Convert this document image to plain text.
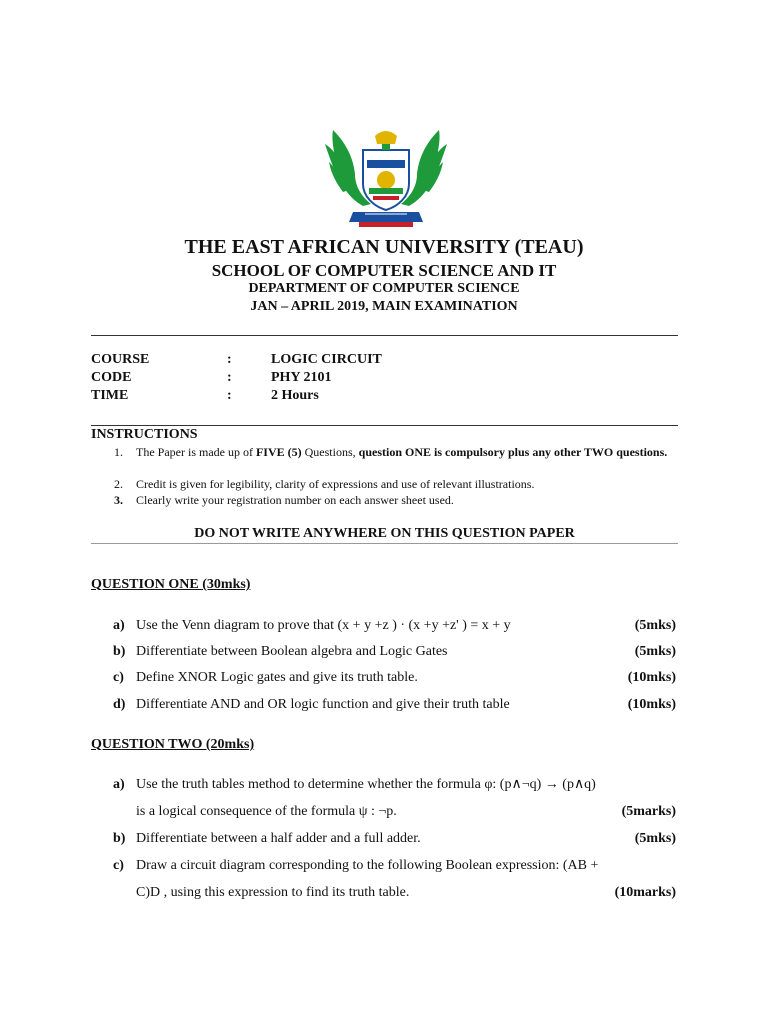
THE EAST AFRICAN UNIVERSITY (TEAU)
SCHOOL OF COMPUTER SCIENCE AND IT
DEPARTMENT OF COMPUTER SCIENCE
JAN – APRIL 2019, MAIN EXAMINATION
COURSE	:	LOGIC CIRCUIT
CODE	:	PHY 2101
TIME	:	2 Hours
INSTRUCTIONS
1.	The Paper is made up of FIVE (5) Questions, question ONE is compulsory plus any other TWO questions.
2.	Credit is given for legibility, clarity of expressions and use of relevant illustrations.
3.	Clearly write your registration number on each answer sheet used.
DO NOT WRITE ANYWHERE ON THIS QUESTION PAPER
QUESTION ONE (30mks)
a) Use the Venn diagram to prove that (x + y +z ) · (x +y +z' ) = x + y	(5mks)
b) Differentiate between Boolean algebra and Logic Gates	(5mks)
c) Define XNOR Logic gates and give its truth table.	(10mks)
d) Differentiate AND and OR logic function and give their truth table	(10mks)
QUESTION TWO (20mks)
a) Use the truth tables method to determine whether the formula φ: (p∧¬q) → (p∧q) is a logical consequence of the formula ψ : ¬p.	(5marks)
b) Differentiate between a half adder and a full adder.	(5mks)
c) Draw a circuit diagram corresponding to the following Boolean expression: (AB + C)D , using this expression to find its truth table.	(10marks)
